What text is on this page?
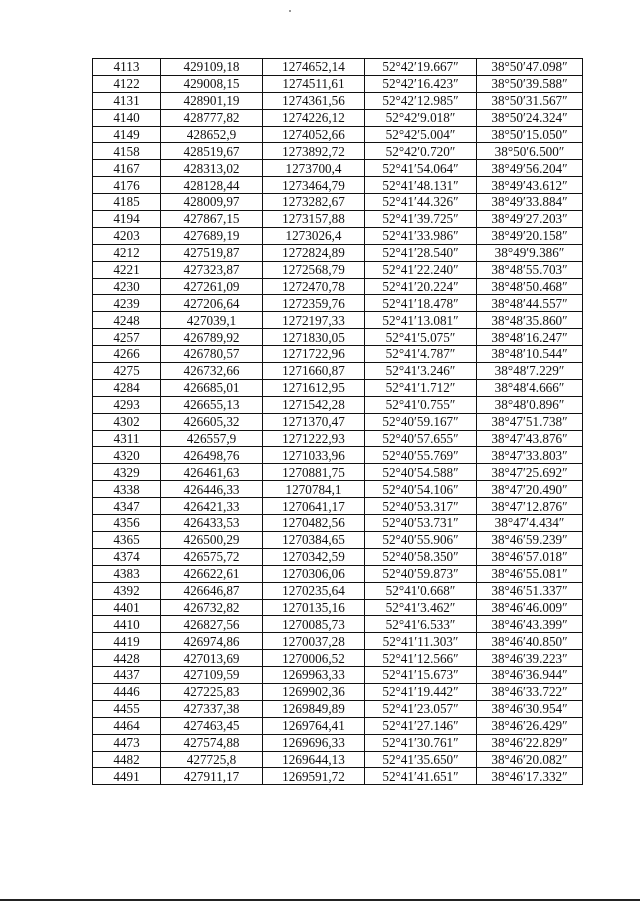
4113	429109,18	1274652,14	52°42′19.667″	38°50′47.098″
4122	429008,15	1274511,61	52°42′16.423″	38°50′39.588″
4131	428901,19	1274361,56	52°42′12.985″	38°50′31.567″
4140	428777,82	1274226,12	52°42′9.018″	38°50′24.324″
4149	428652,9	1274052,66	52°42′5.004″	38°50′15.050″
4158	428519,67	1273892,72	52°42′0.720″	38°50′6.500″
4167	428313,02	1273700,4	52°41′54.064″	38°49′56.204″
4176	428128,44	1273464,79	52°41′48.131″	38°49′43.612″
4185	428009,97	1273282,67	52°41′44.326″	38°49′33.884″
4194	427867,15	1273157,88	52°41′39.725″	38°49′27.203″
4203	427689,19	1273026,4	52°41′33.986″	38°49′20.158″
4212	427519,87	1272824,89	52°41′28.540″	38°49′9.386″
4221	427323,87	1272568,79	52°41′22.240″	38°48′55.703″
4230	427261,09	1272470,78	52°41′20.224″	38°48′50.468″
4239	427206,64	1272359,76	52°41′18.478″	38°48′44.557″
4248	427039,1	1272197,33	52°41′13.081″	38°48′35.860″
4257	426789,92	1271830,05	52°41′5.075″	38°48′16.247″
4266	426780,57	1271722,96	52°41′4.787″	38°48′10.544″
4275	426732,66	1271660,87	52°41′3.246″	38°48′7.229″
4284	426685,01	1271612,95	52°41′1.712″	38°48′4.666″
4293	426655,13	1271542,28	52°41′0.755″	38°48′0.896″
4302	426605,32	1271370,47	52°40′59.167″	38°47′51.738″
4311	426557,9	1271222,93	52°40′57.655″	38°47′43.876″
4320	426498,76	1271033,96	52°40′55.769″	38°47′33.803″
4329	426461,63	1270881,75	52°40′54.588″	38°47′25.692″
4338	426446,33	1270784,1	52°40′54.106″	38°47′20.490″
4347	426421,33	1270641,17	52°40′53.317″	38°47′12.876″
4356	426433,53	1270482,56	52°40′53.731″	38°47′4.434″
4365	426500,29	1270384,65	52°40′55.906″	38°46′59.239″
4374	426575,72	1270342,59	52°40′58.350″	38°46′57.018″
4383	426622,61	1270306,06	52°40′59.873″	38°46′55.081″
4392	426646,87	1270235,64	52°41′0.668″	38°46′51.337″
4401	426732,82	1270135,16	52°41′3.462″	38°46′46.009″
4410	426827,56	1270085,73	52°41′6.533″	38°46′43.399″
4419	426974,86	1270037,28	52°41′11.303″	38°46′40.850″
4428	427013,69	1270006,52	52°41′12.566″	38°46′39.223″
4437	427109,59	1269963,33	52°41′15.673″	38°46′36.944″
4446	427225,83	1269902,36	52°41′19.442″	38°46′33.722″
4455	427337,38	1269849,89	52°41′23.057″	38°46′30.954″
4464	427463,45	1269764,41	52°41′27.146″	38°46′26.429″
4473	427574,88	1269696,33	52°41′30.761″	38°46′22.829″
4482	427725,8	1269644,13	52°41′35.650″	38°46′20.082″
4491	427911,17	1269591,72	52°41′41.651″	38°46′17.332″
